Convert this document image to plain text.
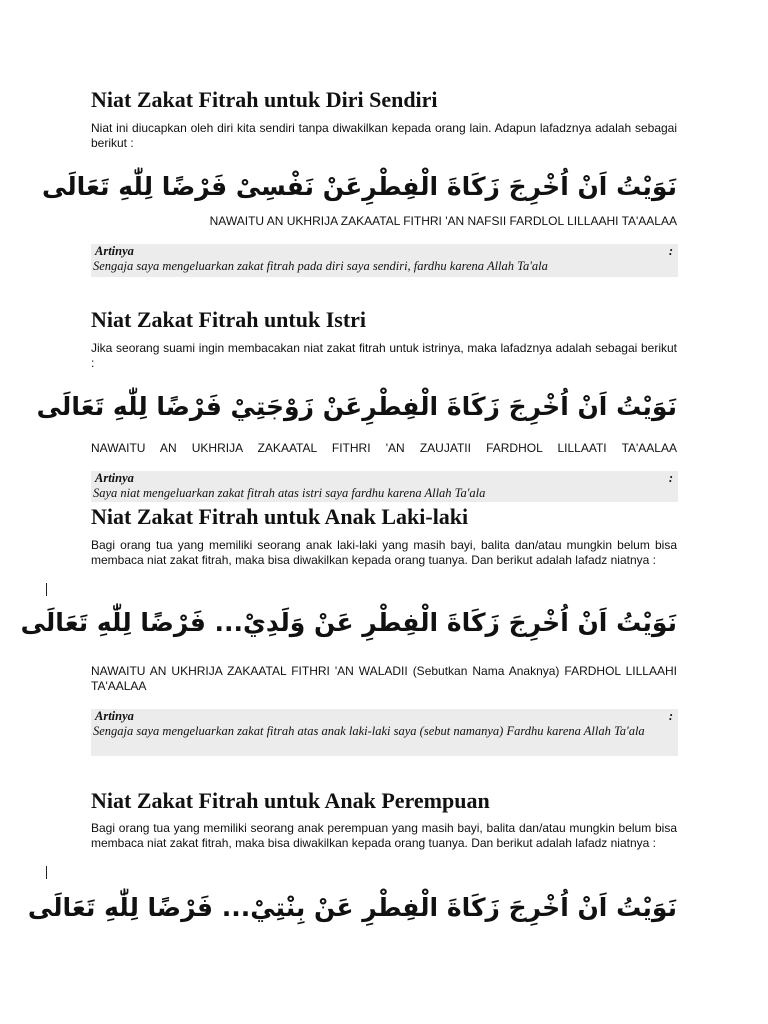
Niat Zakat Fitrah untuk Diri Sendiri

Niat ini diucapkan oleh diri kita sendiri tanpa diwakilkan kepada orang lain. Adapun lafadznya adalah sebagai berikut :

نَوَيْتُ اَنْ اُخْرِجَ زَكَاةَ الْفِطْرِعَنْ نَفْسِىْ فَرْضًا لِلّٰهِ تَعَالَى

NAWAITU AN UKHRIJA ZAKAATAL FITHRI 'AN NAFSII FARDLOL LILLAAHI TA'AALAA

Artinya	:
Sengaja saya mengeluarkan zakat fitrah pada diri saya sendiri, fardhu karena Allah Ta'ala
Niat Zakat Fitrah untuk Istri

Jika seorang suami ingin membacakan niat zakat fitrah untuk istrinya, maka lafadznya adalah sebagai berikut :

نَوَيْتُ اَنْ اُخْرِجَ زَكَاةَ الْفِطْرِعَنْ زَوْجَتِيْ فَرْضًا لِلّٰهِ تَعَالَى

NAWAITU AN UKHRIJA ZAKAATAL FITHRI 'AN ZAUJATII FARDHOL LILLAATI TA'AALAA

Artinya	:
Saya niat mengeluarkan zakat fitrah atas istri saya fardhu karena Allah Ta'ala
Niat Zakat Fitrah untuk Anak Laki-laki

Bagi orang tua yang memiliki seorang anak laki-laki yang masih bayi, balita dan/atau mungkin belum bisa membaca niat zakat fitrah, maka bisa diwakilkan kepada orang tuanya. Dan berikut adalah lafadz niatnya :

نَوَيْتُ اَنْ اُخْرِجَ زَكَاةَ الْفِطْرِ عَنْ وَلَدِيْ... فَرْضًا لِلّٰهِ تَعَالَى

NAWAITU AN UKHRIJA ZAKAATAL FITHRI 'AN WALADII (Sebutkan Nama Anaknya) FARDHOL LILLAAHI TA'AALAA

Artinya	:
Sengaja saya mengeluarkan zakat fitrah atas anak laki-laki saya (sebut namanya) Fardhu karena Allah Ta'ala
Niat Zakat Fitrah untuk Anak Perempuan

Bagi orang tua yang memiliki seorang anak perempuan yang masih bayi, balita dan/atau mungkin belum bisa membaca niat zakat fitrah, maka bisa diwakilkan kepada orang tuanya. Dan berikut adalah lafadz niatnya :

نَوَيْتُ اَنْ اُخْرِجَ زَكَاةَ الْفِطْرِ عَنْ بِنْتِيْ... فَرْضًا لِلّٰهِ تَعَالَى
